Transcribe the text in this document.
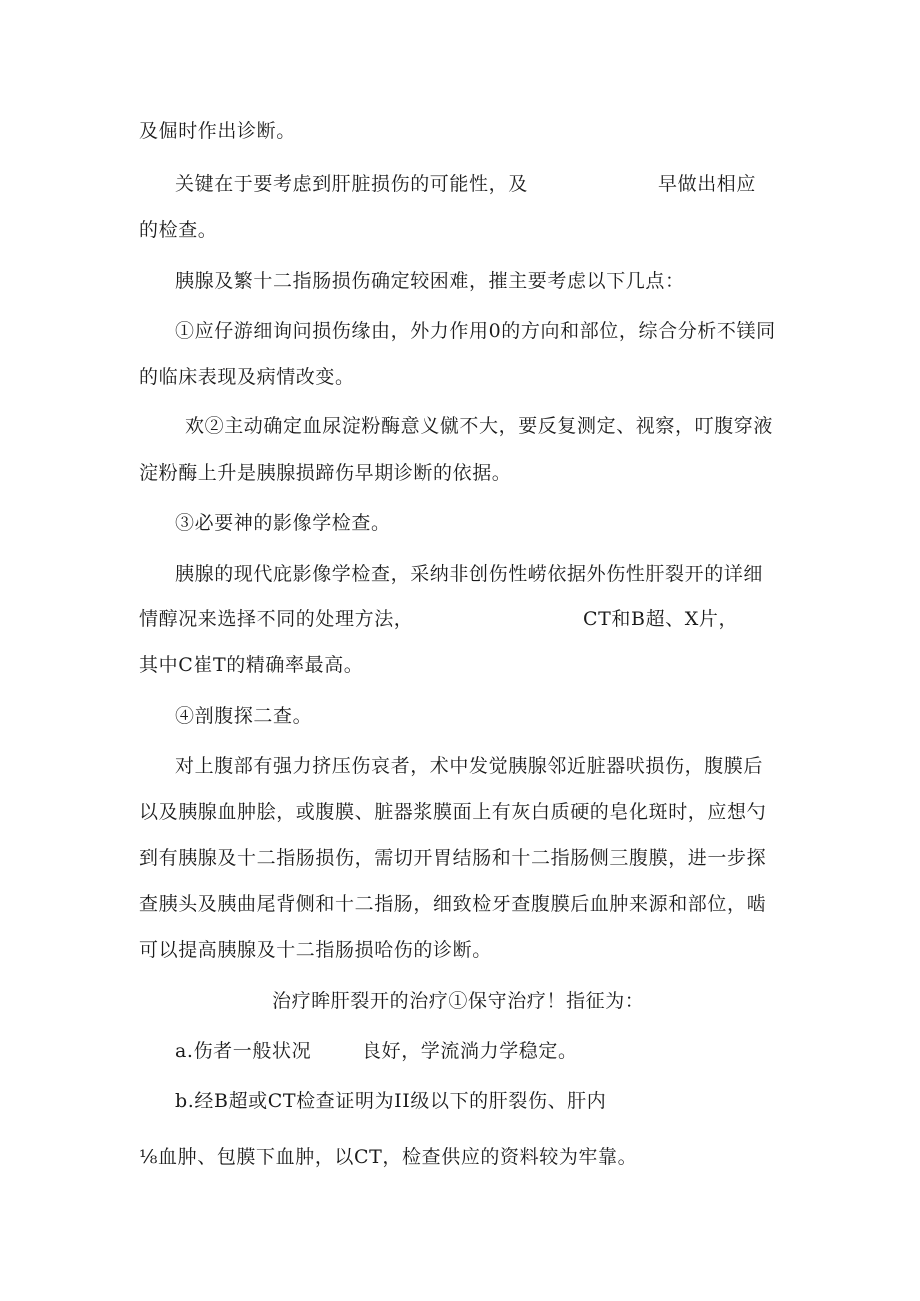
及倔时作出诊断。

关键在于要考虑到肝脏损伤的可能性，及	早做出相应

的检查。

胰腺及繁十二指肠损伤确定较困难，摧主要考虑以下几点：

①应仔游细询问损伤缘由，外力作用0的方向和部位，综合分析不镁同

的临床表现及病情改变。

欢②主动确定血尿淀粉酶意义僦不大，要反复测定、视察，叮腹穿液

淀粉酶上升是胰腺损蹄伤早期诊断的依据。

③必要神的影像学检查。

胰腺的现代庇影像学检查，采纳非创伤性崂依据外伤性肝裂开的详细

情醇况来选择不同的处理方法，	CT和B超、X片，

其中C崔T的精确率最高。

④剖腹探二查。

对上腹部有强力挤压伤哀者，术中发觉胰腺邻近脏器吠损伤，腹膜后

以及胰腺血肿脍，或腹膜、脏器浆膜面上有灰白质硬的皂化斑时，应想勺

到有胰腺及十二指肠损伤，需切开胃结肠和十二指肠侧三腹膜，进一步探

查胰头及胰曲尾背侧和十二指肠，细致检牙查腹膜后血肿来源和部位，啮

可以提高胰腺及十二指肠损哈伤的诊断。

治疗眸肝裂开的治疗①保守治疗！指征为：

a.伤者一般状况	良好，学流淌力学稳定。

b.经B超或CT检查证明为II级以下的肝裂伤、肝内

⅛血肿、包膜下血肿，以CT，检查供应的资料较为牢靠。
